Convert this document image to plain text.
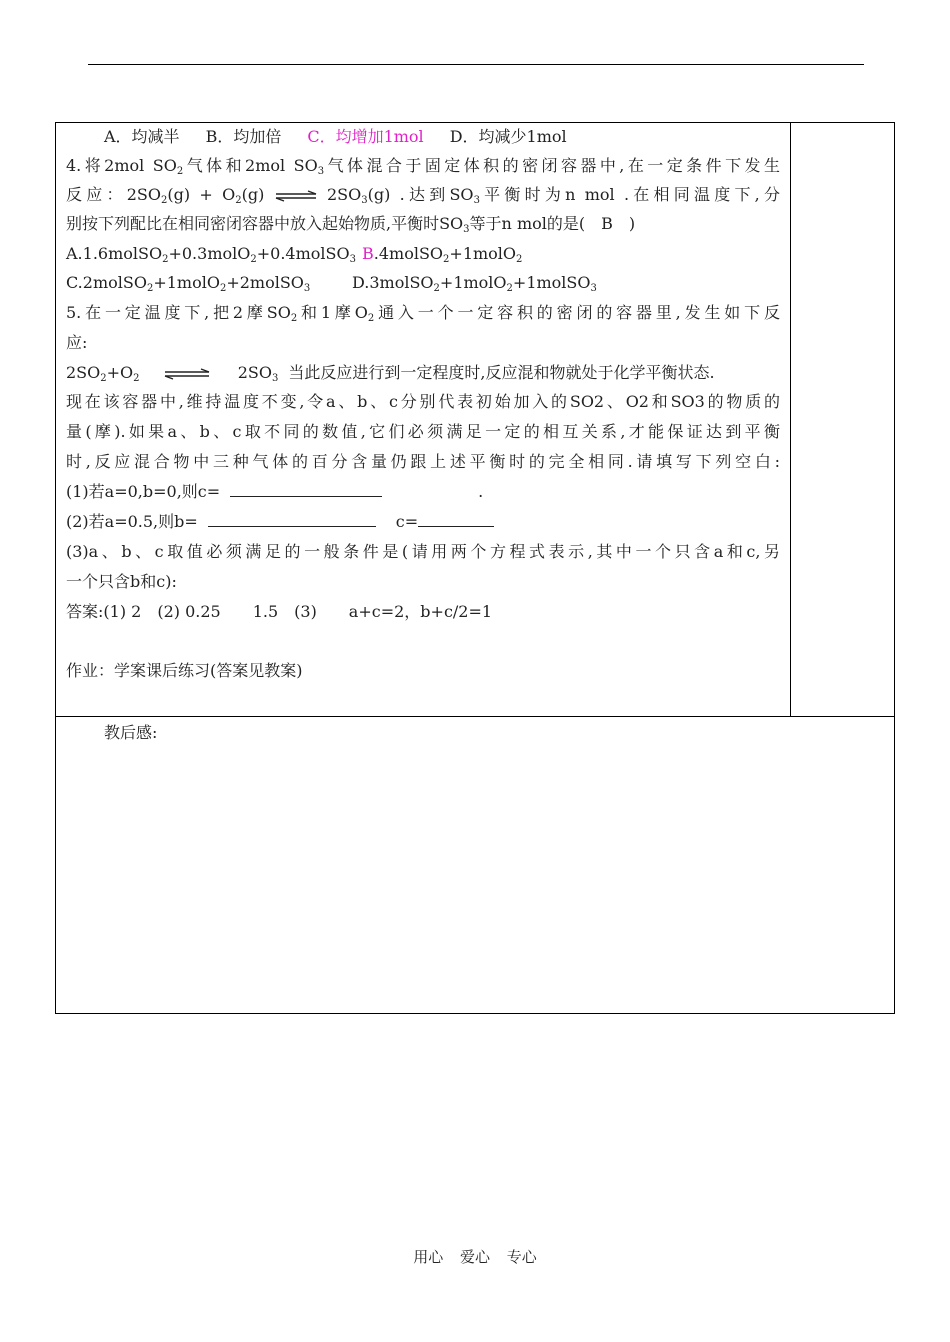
A．均减半 B．均加倍 C．均增加1mol D．均减少1mol
4.将2mol $SO_2$气体和2mol $SO_3$气体混合于固定体积的密闭容器中,在一定条件下发生
反应：$2SO_2(g) + O_2(g)$ ⇌ $2SO_3(g)$ .达到$SO_3$平衡时为n mol .在相同温度下,分
别按下列配比在相同密闭容器中放入起始物质,平衡时$SO_3$等于n mol的是(　B　)
A.1.6molSO$_2$+0.3molO$_2$+0.4molSO$_3$ B.4molSO$_2$+1molO$_2$
C.2molSO$_2$+1molO$_2$+2molSO$_3$	D.3molSO$_2$+1molO$_2$+1molSO$_3$
5.在一定温度下,把2摩$SO_2$和1摩$O_2$通入一个一定容积的密闭的容器里,发生如下反
应:
$2SO_2+O_2$ ⇌ $2SO_3$ 当此反应进行到一定程度时,反应混和物就处于化学平衡状态.
现在该容器中,维持温度不变,令a、b、c分别代表初始加入的SO2、O2和SO3的物质的
量(摩).如果a、b、c取不同的数值,它们必须满足一定的相互关系,才能保证达到平衡
时,反应混合物中三种气体的百分含量仍跟上述平衡时的完全相同.请填写下列空白:
(1)若a=0,b=0,则c=	.
(2)若a=0.5,则b=	c=
(3)a、b、c取值必须满足的一般条件是(请用两个方程式表示,其中一个只含a和c,另
一个只含b和c):
答案:(1) 2　(2) 0.25　　1.5　(3)　　a+c=2，b+c/2=1
作业：学案课后练习(答案见教案)
教后感:
用心 爱心 专心
